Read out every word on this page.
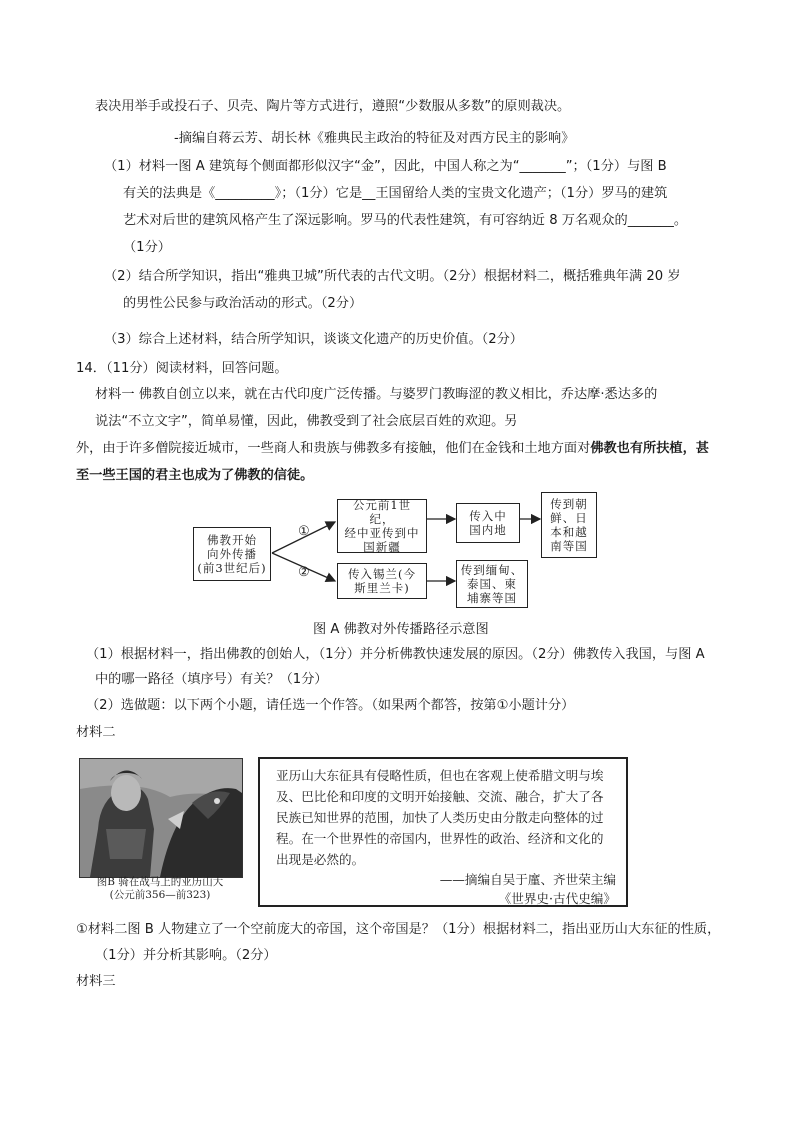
表决用举手或投石子、贝壳、陶片等方式进行，遵照“少数服从多数”的原则裁决。
-摘编自蒋云芳、胡长林《雅典民主政治的特征及对西方民主的影响》
（1）材料一图 A 建筑每个侧面都形似汉字“金”，因此，中国人称之为“_______”；（1分）与图 B
有关的法典是《_________》；（1分）它是__王国留给人类的宝贵文化遗产；（1分）罗马的建筑
艺术对后世的建筑风格产生了深远影响。罗马的代表性建筑，有可容纳近 8 万名观众的_______。
（1分）
（2）结合所学知识，指出“雅典卫城”所代表的古代文明。（2分）根据材料二，概括雅典年满 20 岁
的男性公民参与政治活动的形式。（2分）
（3）综合上述材料，结合所学知识，谈谈文化遗产的历史价值。（2分）
14．（11分）阅读材料，回答问题。
材料一 佛教自创立以来，就在古代印度广泛传播。与婆罗门教晦涩的教义相比，乔达摩·悉达多的
说法“不立文字”，简单易懂，因此，佛教受到了社会底层百姓的欢迎。另
外，由于许多僧院接近城市，一些商人和贵族与佛教多有接触，他们在金钱和土地方面对佛教也有所扶植，甚
至一些王国的君主也成为了佛教的信徒。
佛教开始
向外传播
(前3世纪后)
①
②
公元前1世纪，
经中亚传到中
国新疆
传入中
国内地
传到朝
鲜、日
本和越
南等国
传入锡兰(今
斯里兰卡)
传到缅甸、
泰国、柬
埔寨等国
图 A 佛教对外传播路径示意图
（1）根据材料一，指出佛教的创始人，（1分）并分析佛教快速发展的原因。（2分）佛教传入我国，与图 A
中的哪一路径（填序号）有关？（1分）
（2）选做题：以下两个小题，请任选一个作答。（如果两个都答，按第①小题计分）
材料二
图B 骑在战马上的亚历山大
(公元前356—前323)
亚历山大东征具有侵略性质，但也在客观上使希腊文明与埃及、巴比伦和印度的文明开始接触、交流、融合，扩大了各民族已知世界的范围，加快了人类历史由分散走向整体的过程。在一个世界性的帝国内，世界性的政治、经济和文化的出现是必然的。
——摘编自吴于廑、齐世荣主编
《世界史·古代史编》
①材料二图 B 人物建立了一个空前庞大的帝国，这个帝国是？（1分）根据材料二，指出亚历山大东征的性质，
（1分）并分析其影响。（2分）
材料三
